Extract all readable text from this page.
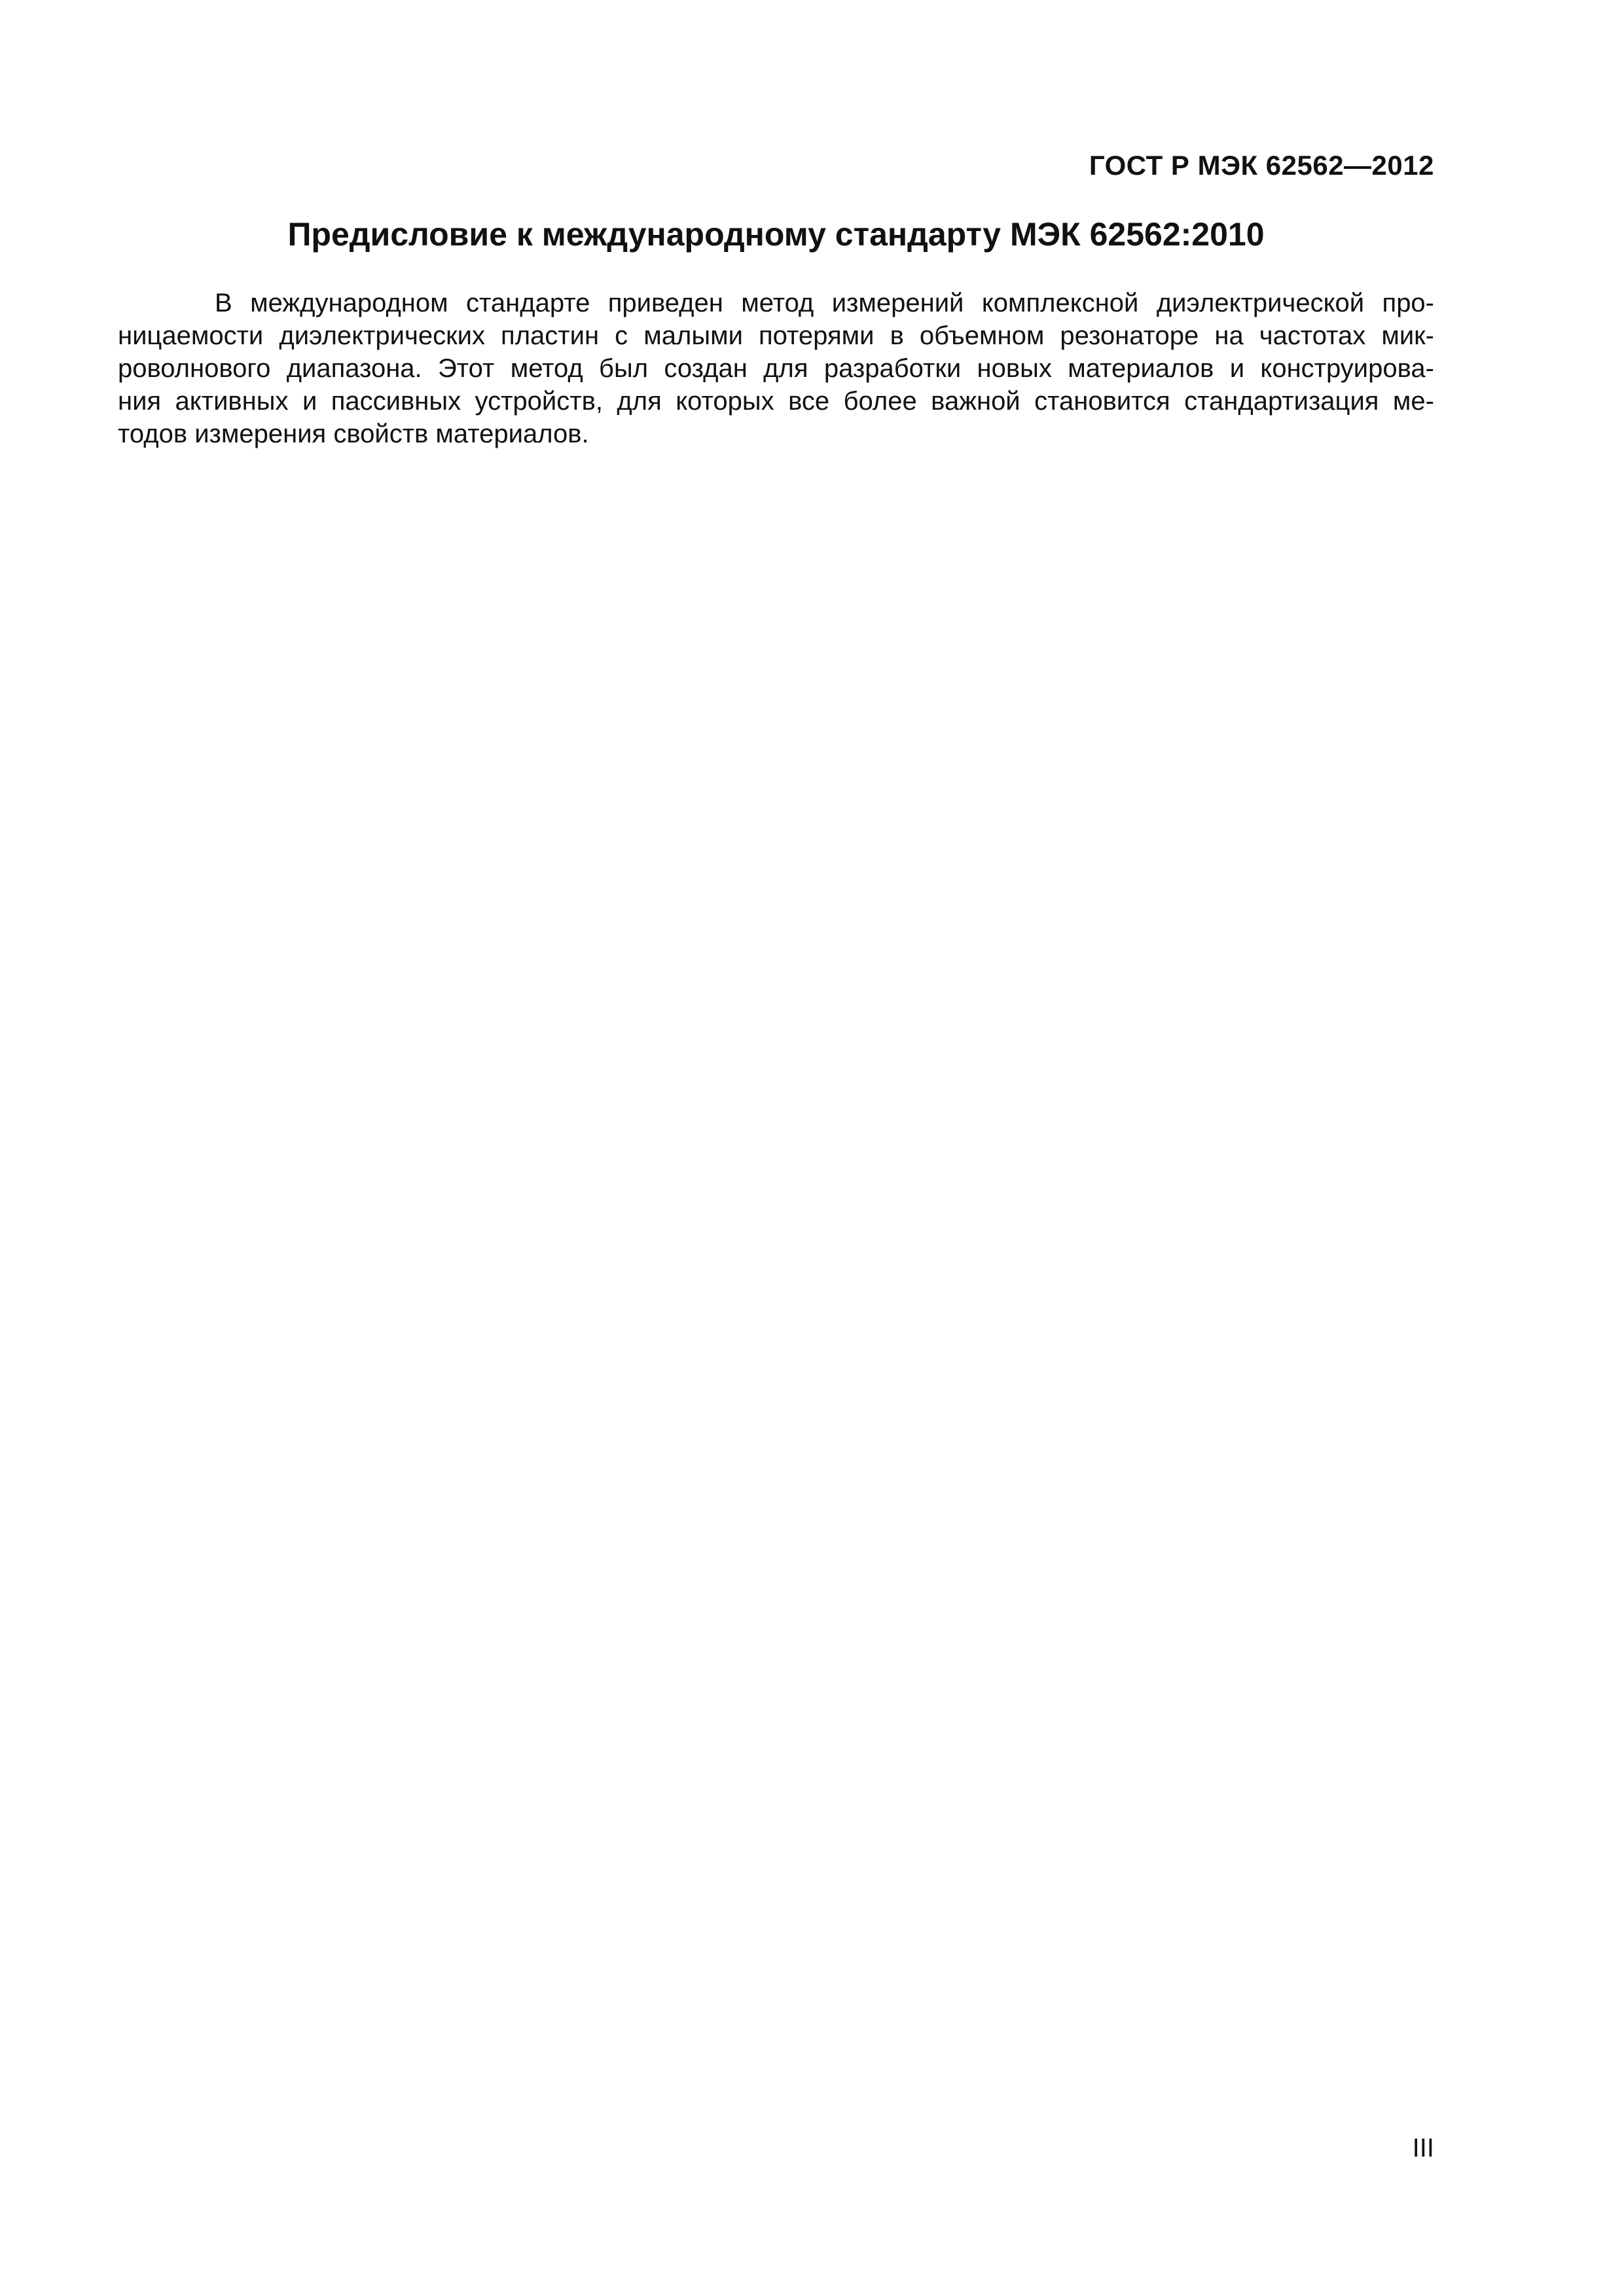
ГОСТ Р МЭК 62562—2012
Предисловие к международному стандарту МЭК 62562:2010
В международном стандарте приведен метод измерений комплексной диэлектрической про-
ницаемости диэлектрических пластин с малыми потерями в объемном резонаторе на частотах мик-
роволнового диапазона. Этот метод был создан для разработки новых материалов и конструирова-
ния активных и пассивных устройств, для которых все более важной становится стандартизация ме-
тодов измерения свойств материалов.
III
